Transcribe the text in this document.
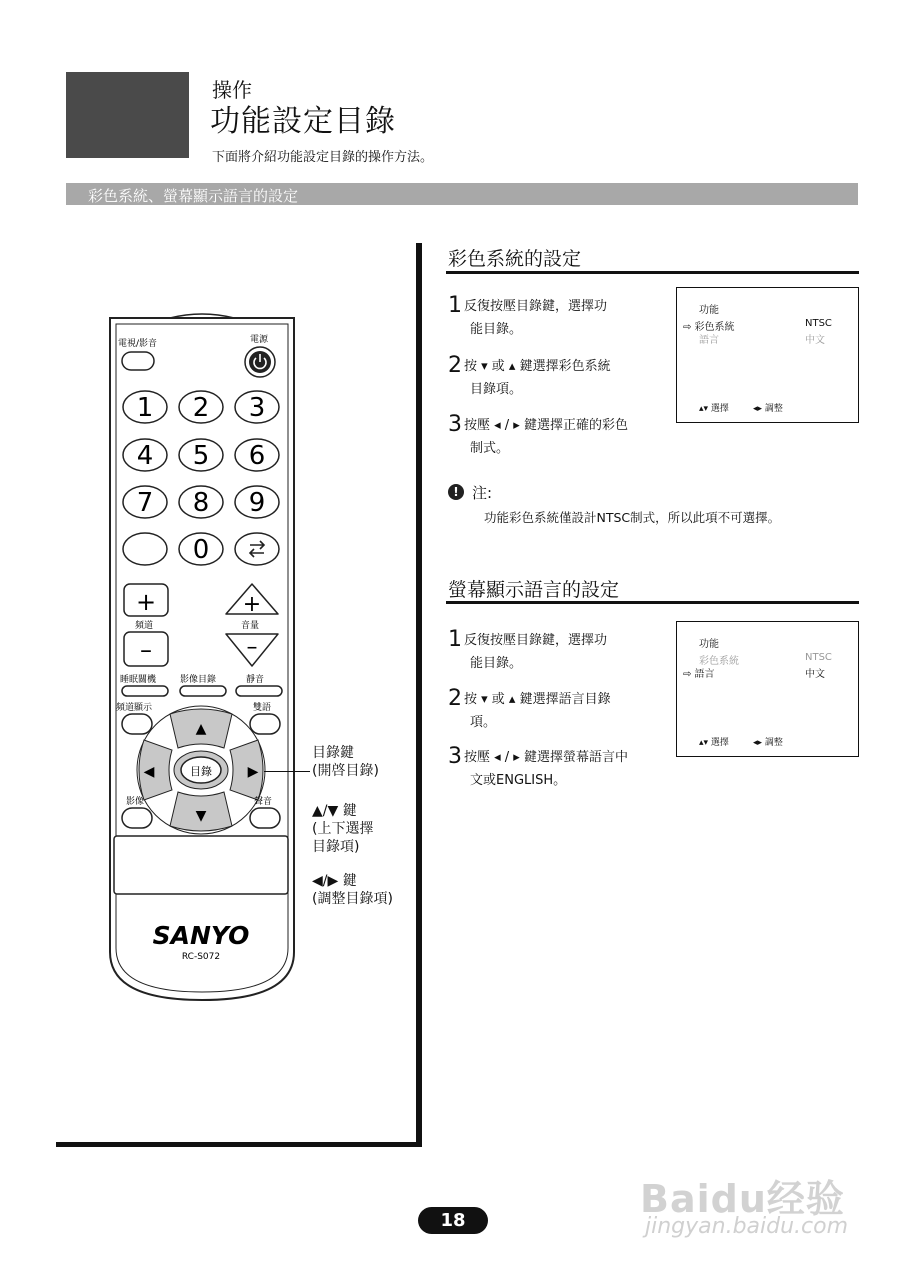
操作
功能設定目錄
下面將介紹功能設定目錄的操作方法。
彩色系統、螢幕顯示語言的設定
彩色系統的設定
1 反復按壓目錄鍵，選擇功
能目錄。
2 按 ▾ 或 ▴ 鍵選擇彩色系統
目錄項。
3 按壓 ◂ / ▸ 鍵選擇正確的彩色
制式。
功能
⇨ 彩色系統	NTSC
語言	中文
▴▾ 選擇	◂▸ 調整
! 注:
功能彩色系統僅設計NTSC制式，所以此項不可選擇。
螢幕顯示語言的設定
1 反復按壓目錄鍵，選擇功
能目錄。
2 按 ▾ 或 ▴ 鍵選擇語言目錄
項。
3 按壓 ◂ / ▸ 鍵選擇螢幕語言中
文或ENGLISH。
功能
彩色系統	NTSC
⇨ 語言	中文
▴▾ 選擇	◂▸ 調整
電視/影音	電源
1 2 3
4 5 6
7 8 9
0
+
頻道
–
+
音量
–
睡眠關機	影像目錄	靜音
頻道顯示	雙語
▲
▼
◀	▶
目錄
影像	聲音
SANYO
RC-S072
目錄鍵
(開啓目錄)
▲/▼ 鍵
(上下選擇
目錄項)
◀/▶ 鍵
(調整目錄項)
18	Baidu经验
jingyan.baidu.com
